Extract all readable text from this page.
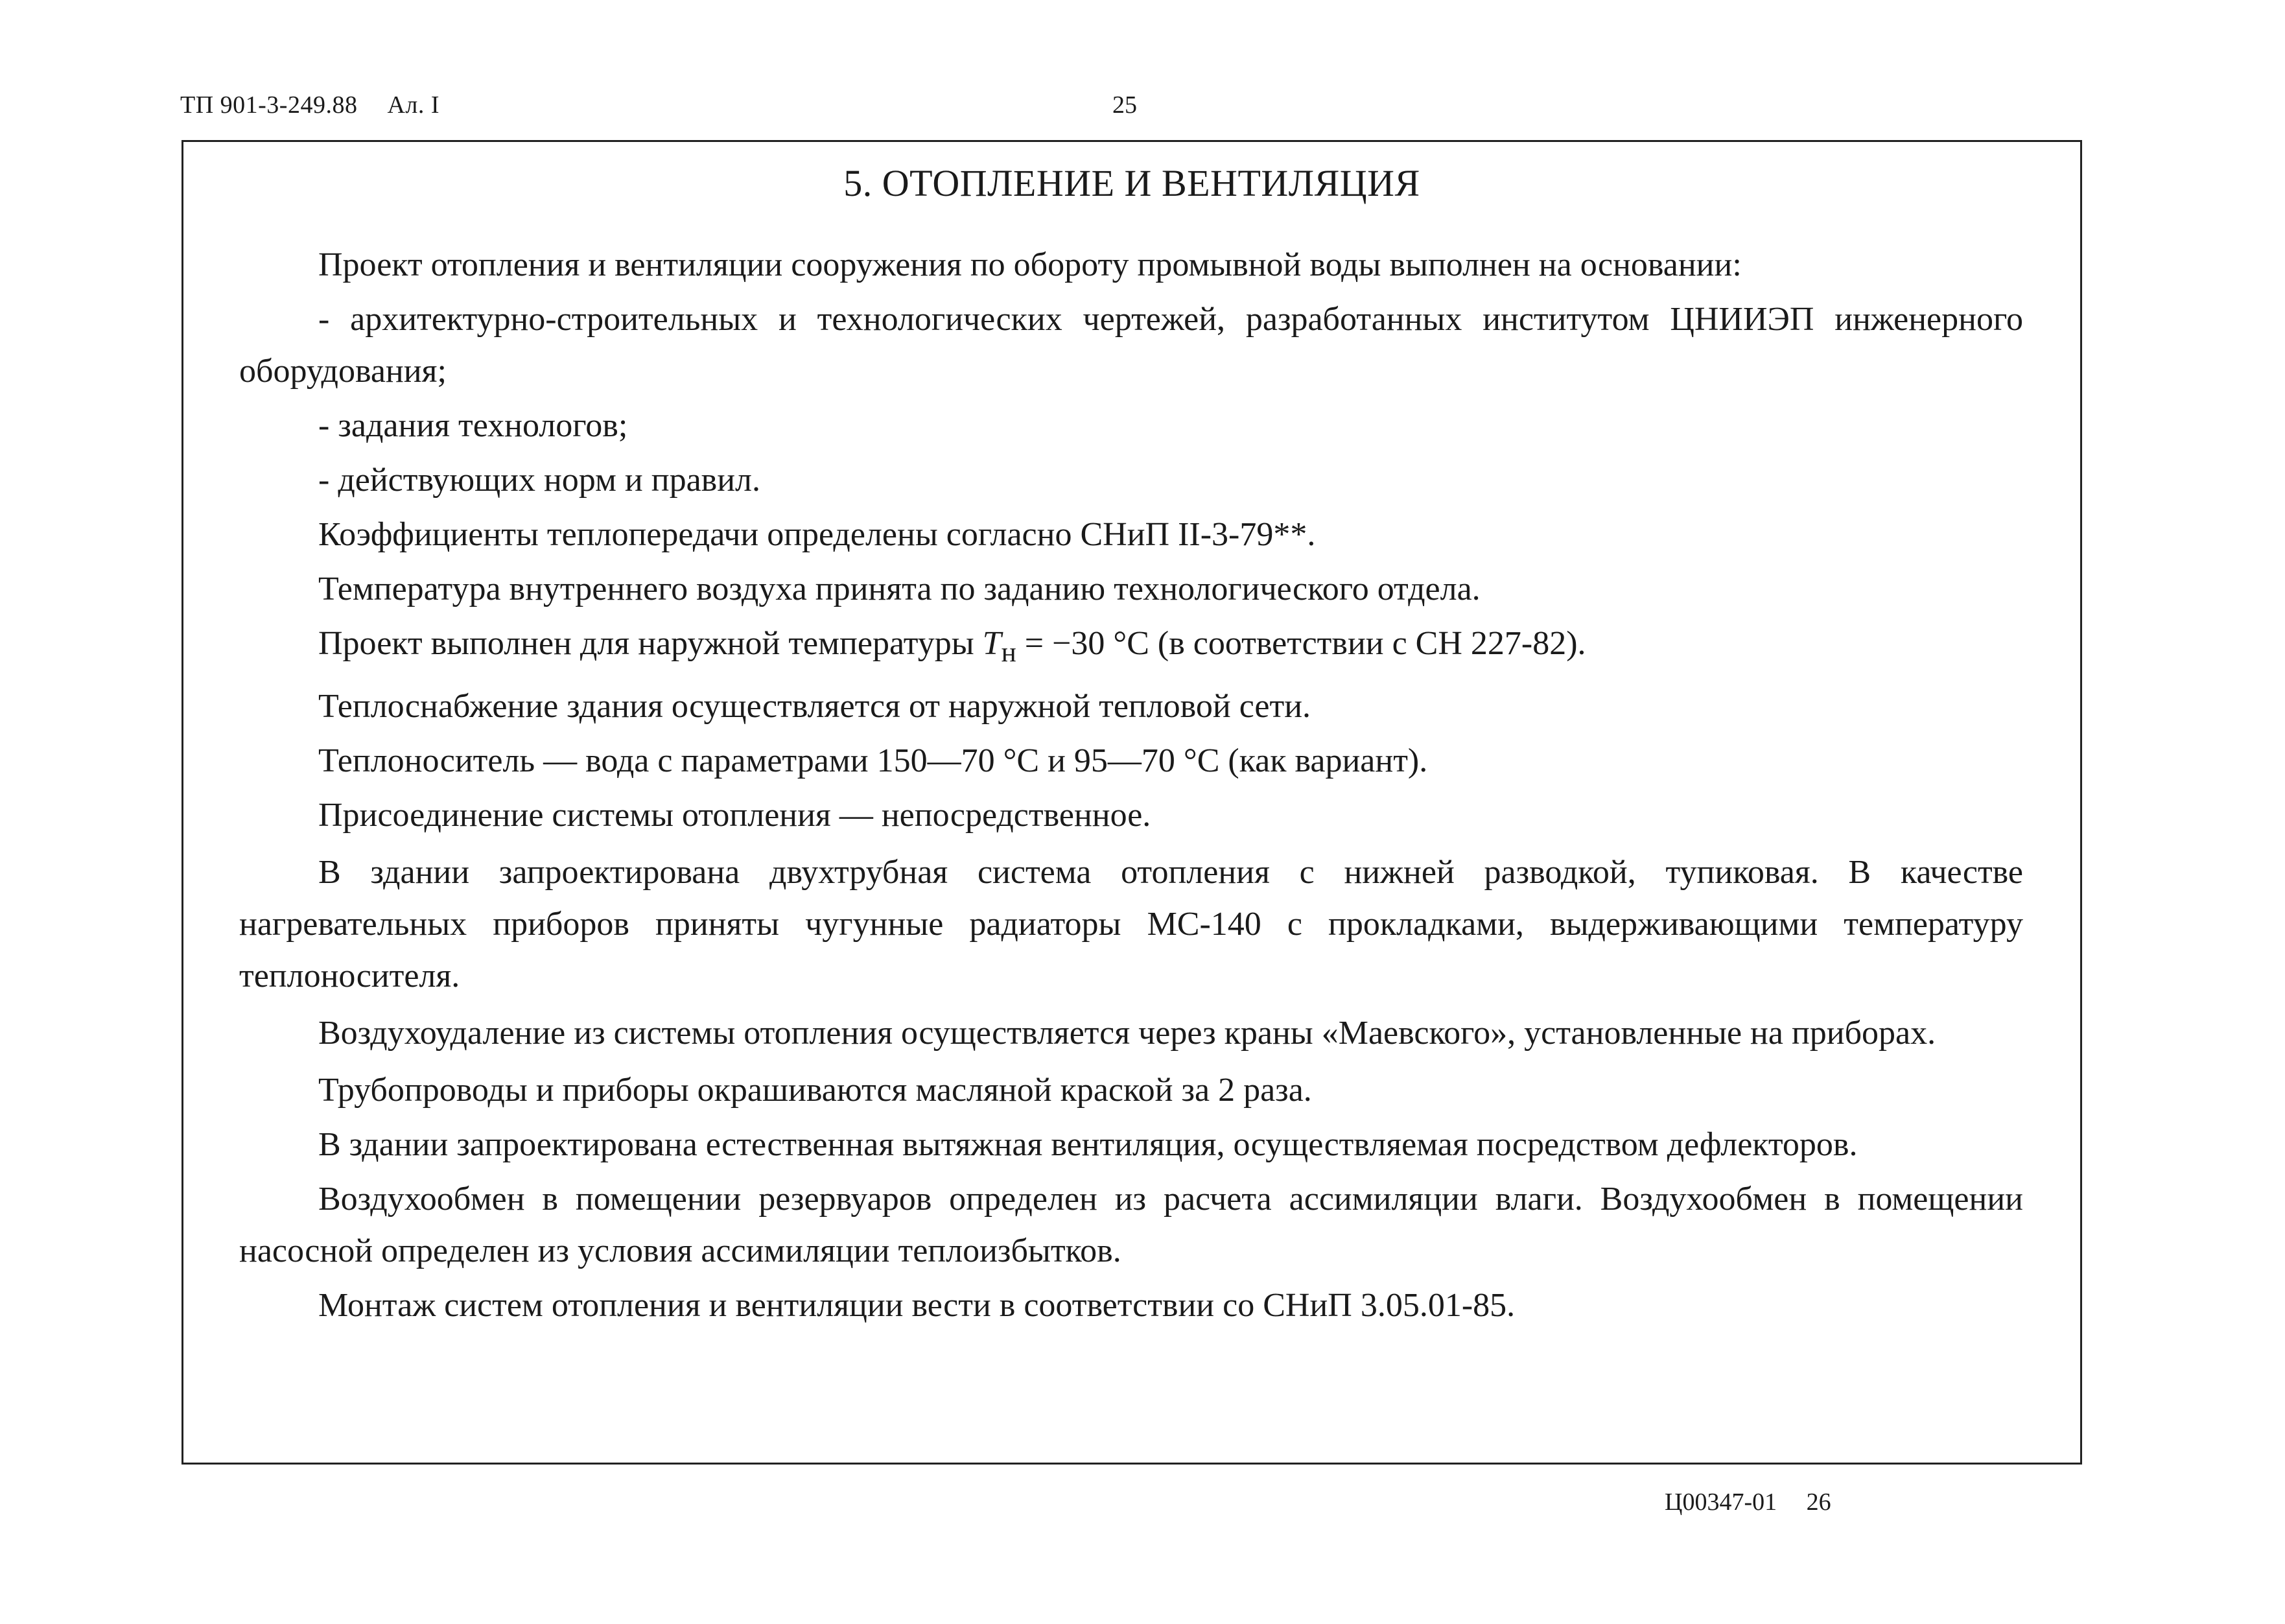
ТП 901-3-249.88 Ал. I	25
5. ОТОПЛЕНИЕ И ВЕНТИЛЯЦИЯ

Проект отопления и вентиляции сооружения по обороту промывной воды выполнен на основании:

- архитектурно-строительных и технологических чертежей, разработанных институтом ЦНИИЭП инженерного оборудования;

- задания технологов;

- действующих норм и правил.

Коэффициенты теплопередачи определены согласно СНиП II-3-79**.

Температура внутреннего воздуха принята по заданию технологического отдела.

Проект выполнен для наружной температуры $T_н = -30$ °С (в соответствии с СН 227-82).

Теплоснабжение здания осуществляется от наружной тепловой сети.

Теплоноситель — вода с параметрами 150—70 °С и 95—70 °С (как вариант).

Присоединение системы отопления — непосредственное.

В здании запроектирована двухтрубная система отопления с нижней разводкой, тупиковая. В качестве нагревательных приборов приняты чугунные радиаторы МС-140 с прокладками, выдерживающими температуру теплоносителя.

Воздухоудаление из системы отопления осуществляется через краны «Маевского», установленные на приборах.

Трубопроводы и приборы окрашиваются масляной краской за 2 раза.

В здании запроектирована естественная вытяжная вентиляция, осуществляемая посредством дефлекторов.

Воздухообмен в помещении резервуаров определен из расчета ассимиляции влаги. Воздухообмен в помещении насосной определен из условия ассимиляции теплоизбытков.

Монтаж систем отопления и вентиляции вести в соответствии со СНиП 3.05.01-85.

Ц00347-01 26
